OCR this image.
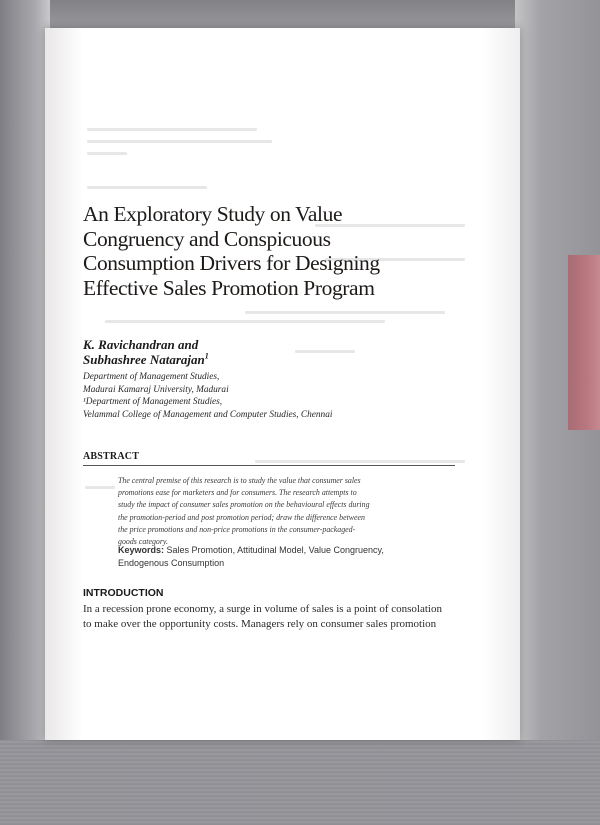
An Exploratory Study on Value
Congruency and Conspicuous
Consumption Drivers for Designing
Effective Sales Promotion Program
K. Ravichandran and
Subhashree Natarajan$^1$
Department of Management Studies,
Madurai Kamaraj University, Madurai
¹Department of Management Studies,
Velammal College of Management and Computer Studies, Chennai
ABSTRACT
The central premise of this research is to study the value that consumer sales
promotions ease for marketers and for consumers. The research attempts to
study the impact of consumer sales promotion on the behavioural effects during
the promotion-period and post promotion period; draw the difference between
the price promotions and non-price promotions in the consumer-packaged-
goods category.
Keywords: Sales Promotion, Attitudinal Model, Value Congruency,
Endogenous Consumption
INTRODUCTION
In a recession prone economy, a surge in volume of sales is a point of consolation
to make over the opportunity costs. Managers rely on consumer sales promotion
